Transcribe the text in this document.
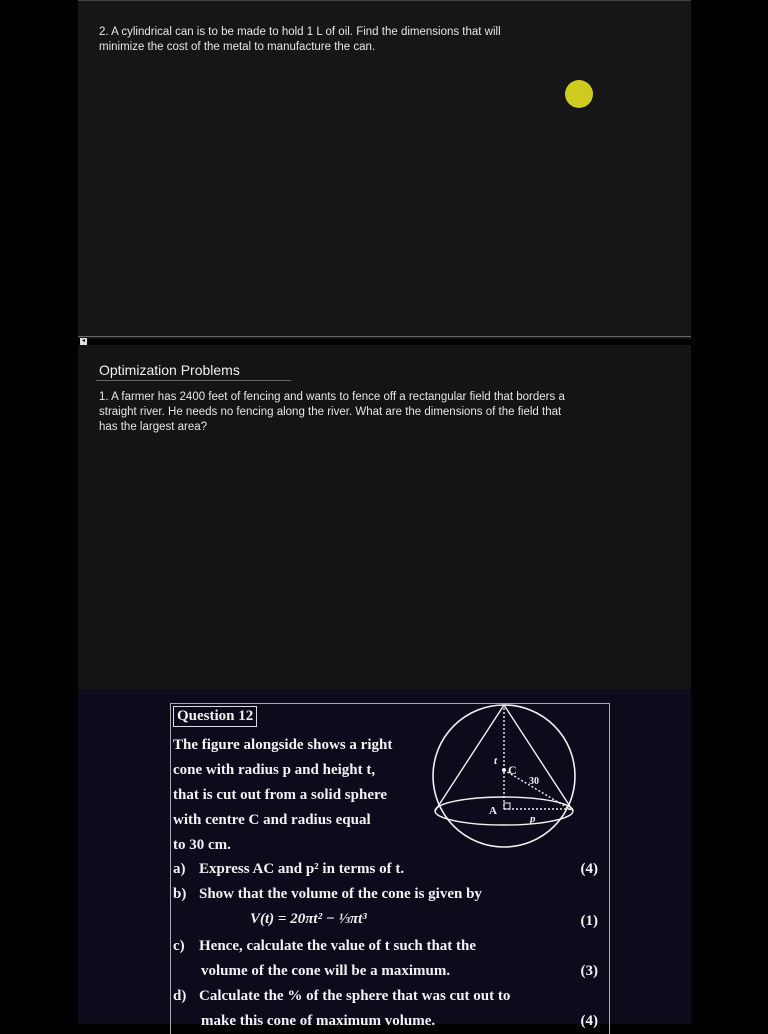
2. A cylindrical can is to be made to hold 1 L of oil. Find the dimensions that will minimize the cost of the metal to manufacture the can.
◂
Optimization Problems
1. A farmer has 2400 feet of fencing and wants to fence off a rectangular field that borders a straight river. He needs no fencing along the river. What are the dimensions of the field that has the largest area?
Question 12
The figure alongside shows a right
cone with radius p and height t,
that is cut out from a solid sphere
with centre C and radius equal
to 30 cm.
t
C
30
A
p
a) Express AC and p² in terms of t.	(4)
b) Show that the volume of the cone is given by
V(t) = 20πt² − ⅓πt³	(1)
c) Hence, calculate the value of t such that the
volume of the cone will be a maximum.	(3)
d) Calculate the % of the sphere that was cut out to
make this cone of maximum volume.	(4)
